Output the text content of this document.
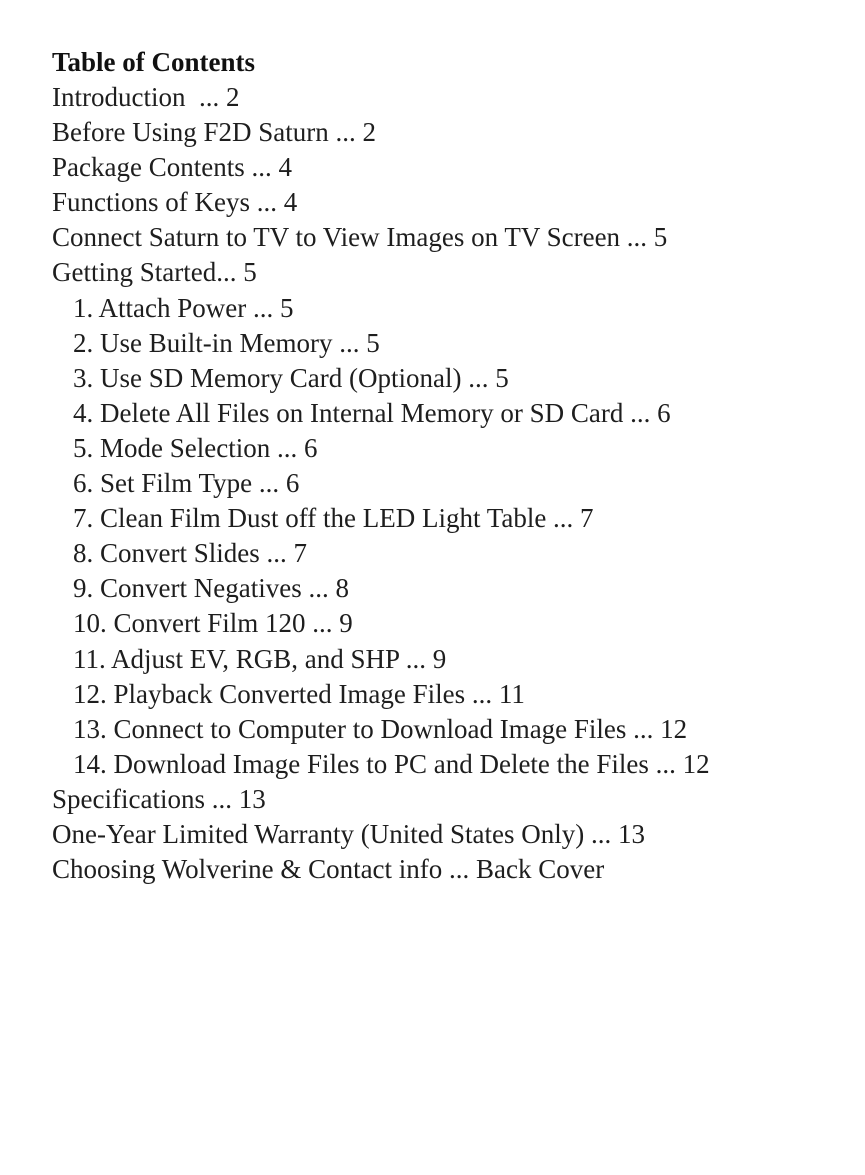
Table of Contents
Introduction  ... 2
Before Using F2D Saturn ... 2
Package Contents ... 4
Functions of Keys ... 4
Connect Saturn to TV to View Images on TV Screen ... 5
Getting Started... 5
1. Attach Power ... 5
2. Use Built-in Memory ... 5
3. Use SD Memory Card (Optional) ... 5
4. Delete All Files on Internal Memory or SD Card ... 6
5. Mode Selection ... 6
6. Set Film Type ... 6
7. Clean Film Dust off the LED Light Table ... 7
8. Convert Slides ... 7
9. Convert Negatives ... 8
10. Convert Film 120 ... 9
11. Adjust EV, RGB, and SHP ... 9
12. Playback Converted Image Files ... 11
13. Connect to Computer to Download Image Files ... 12
14. Download Image Files to PC and Delete the Files ... 12
Specifications ... 13
One-Year Limited Warranty (United States Only) ... 13
Choosing Wolverine & Contact info ... Back Cover
